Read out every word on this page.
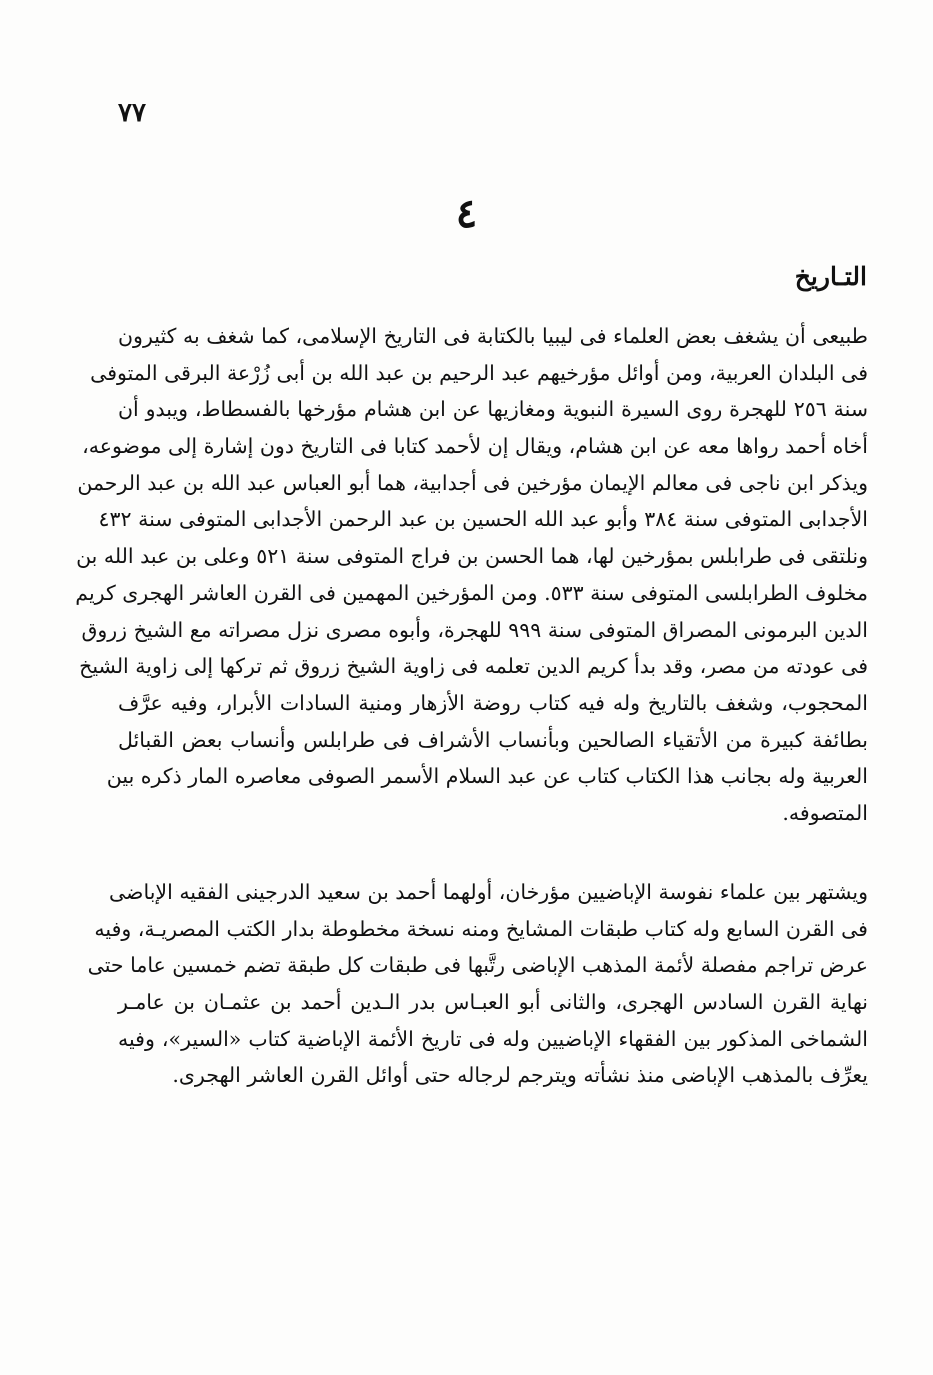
٧٧
٤
التـاريخ
طبيعى أن يشغف بعض العلماء فى ليبيا بالكتابة فى التاريخ الإسلامى، كما شغف به كثيرون
فى البلدان العربية، ومن أوائل مؤرخيهم عبد الرحيم بن عبد الله بن أبى زُرْعة البرقى المتوفى
سنة ٢٥٦ للهجرة روى السيرة النبوية ومغازيها عن ابن هشام مؤرخها بالفسطاط، ويبدو أن
أخاه أحمد رواها معه عن ابن هشام، ويقال إن لأحمد كتابا فى التاريخ دون إشارة إلى موضوعه،
ويذكر ابن ناجى فى معالم الإيمان مؤرخين فى أجدابية، هما أبو العباس عبد الله بن عبد الرحمن
الأجدابى المتوفى سنة ٣٨٤ وأبو عبد الله الحسين بن عبد الرحمن الأجدابى المتوفى سنة ٤٣٢
ونلتقى فى طرابلس بمؤرخين لها، هما الحسن بن فراج المتوفى سنة ٥٢١ وعلى بن عبد الله بن
مخلوف الطرابلسى المتوفى سنة ٥٣٣. ومن المؤرخين المهمين فى القرن العاشر الهجرى كريم
الدين البرمونى المصراق المتوفى سنة ٩٩٩ للهجرة، وأبوه مصرى نزل مصراته مع الشيخ زروق
فى عودته من مصر، وقد بدأ كريم الدين تعلمه فى زاوية الشيخ زروق ثم تركها إلى زاوية الشيخ
المحجوب، وشغف بالتاريخ وله فيه كتاب روضة الأزهار ومنية السادات الأبرار، وفيه عرَّف
بطائفة كبيرة من الأتقياء الصالحين وبأنساب الأشراف فى طرابلس وأنساب بعض القبائل
العربية وله بجانب هذا الكتاب كتاب عن عبد السلام الأسمر الصوفى معاصره المار ذكره بين
المتصوفه.
ويشتهر بين علماء نفوسة الإباضيين مؤرخان، أولهما أحمد بن سعيد الدرجينى الفقيه الإباضى
فى القرن السابع وله كتاب طبقات المشايخ ومنه نسخة مخطوطة بدار الكتب المصريـة، وفيه
عرض تراجم مفصلة لأئمة المذهب الإباضى رتَّبها فى طبقات كل طبقة تضم خمسين عاما حتى
نهاية القرن السادس الهجرى، والثانى أبو العبـاس بدر الـدين أحمد بن عثمـان بن عامـر
الشماخى المذكور بين الفقهاء الإباضيين وله فى تاريخ الأئمة الإباضية كتاب «السير»، وفيه
يعرِّف بالمذهب الإباضى منذ نشأته ويترجم لرجاله حتى أوائل القرن العاشر الهجرى.
